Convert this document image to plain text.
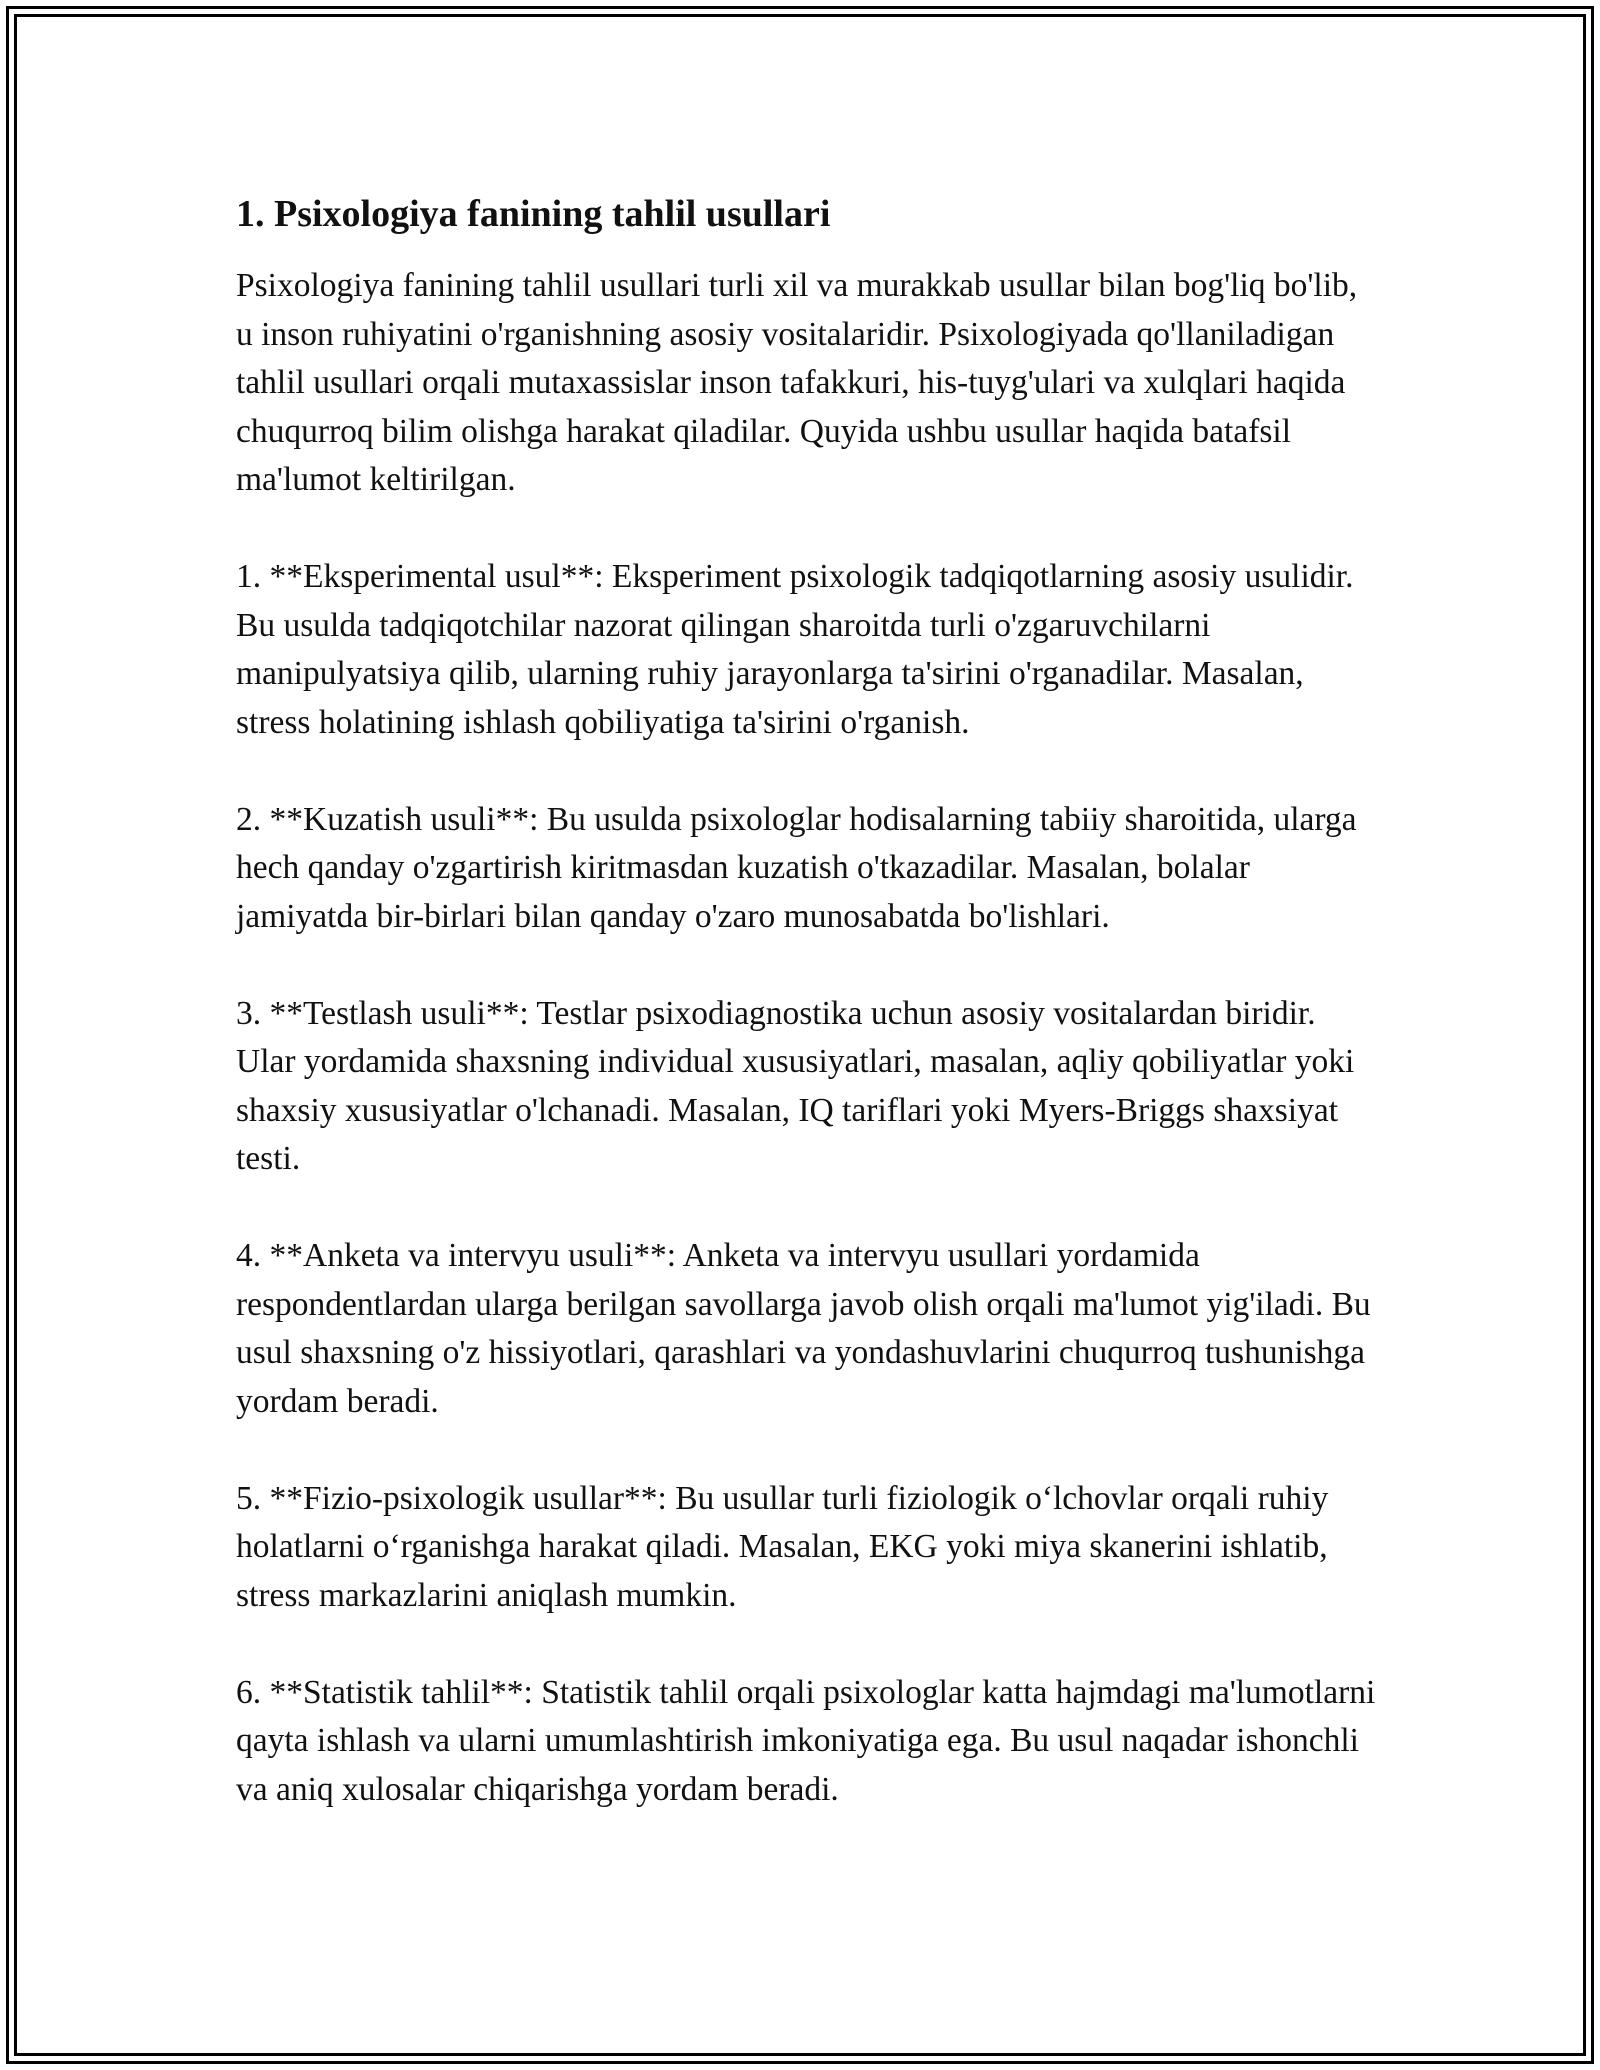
1. Psixologiya fanining tahlil usullari

Psixologiya fanining tahlil usullari turli xil va murakkab usullar bilan bog'liq bo'lib, u inson ruhiyatini o'rganishning asosiy vositalaridir. Psixologiyada qo'llaniladigan tahlil usullari orqali mutaxassislar inson tafakkuri, his-tuyg'ulari va xulqlari haqida chuqurroq bilim olishga harakat qiladilar. Quyida ushbu usullar haqida batafsil ma'lumot keltirilgan.

1. **Eksperimental usul**: Eksperiment psixologik tadqiqotlarning asosiy usulidir. Bu usulda tadqiqotchilar nazorat qilingan sharoitda turli o'zgaruvchilarni manipulyatsiya qilib, ularning ruhiy jarayonlarga ta'sirini o'rganadilar. Masalan, stress holatining ishlash qobiliyatiga ta'sirini o'rganish.

2. **Kuzatish usuli**: Bu usulda psixologlar hodisalarning tabiiy sharoitida, ularga hech qanday o'zgartirish kiritmasdan kuzatish o'tkazadilar. Masalan, bolalar jamiyatda bir-birlari bilan qanday o'zaro munosabatda bo'lishlari.

3. **Testlash usuli**: Testlar psixodiagnostika uchun asosiy vositalardan biridir. Ular yordamida shaxsning individual xususiyatlari, masalan, aqliy qobiliyatlar yoki shaxsiy xususiyatlar o'lchanadi. Masalan, IQ tariflari yoki Myers-Briggs shaxsiyat testi.

4. **Anketa va intervyu usuli**: Anketa va intervyu usullari yordamida respondentlardan ularga berilgan savollarga javob olish orqali ma'lumot yig'iladi. Bu usul shaxsning o'z hissiyotlari, qarashlari va yondashuvlarini chuqurroq tushunishga yordam beradi.

5. **Fizio-psixologik usullar**: Bu usullar turli fiziologik o‘lchovlar orqali ruhiy holatlarni o‘rganishga harakat qiladi. Masalan, EKG yoki miya skanerini ishlatib, stress markazlarini aniqlash mumkin.

6. **Statistik tahlil**: Statistik tahlil orqali psixologlar katta hajmdagi ma'lumotlarni qayta ishlash va ularni umumlashtirish imkoniyatiga ega. Bu usul naqadar ishonchli va aniq xulosalar chiqarishga yordam beradi.
